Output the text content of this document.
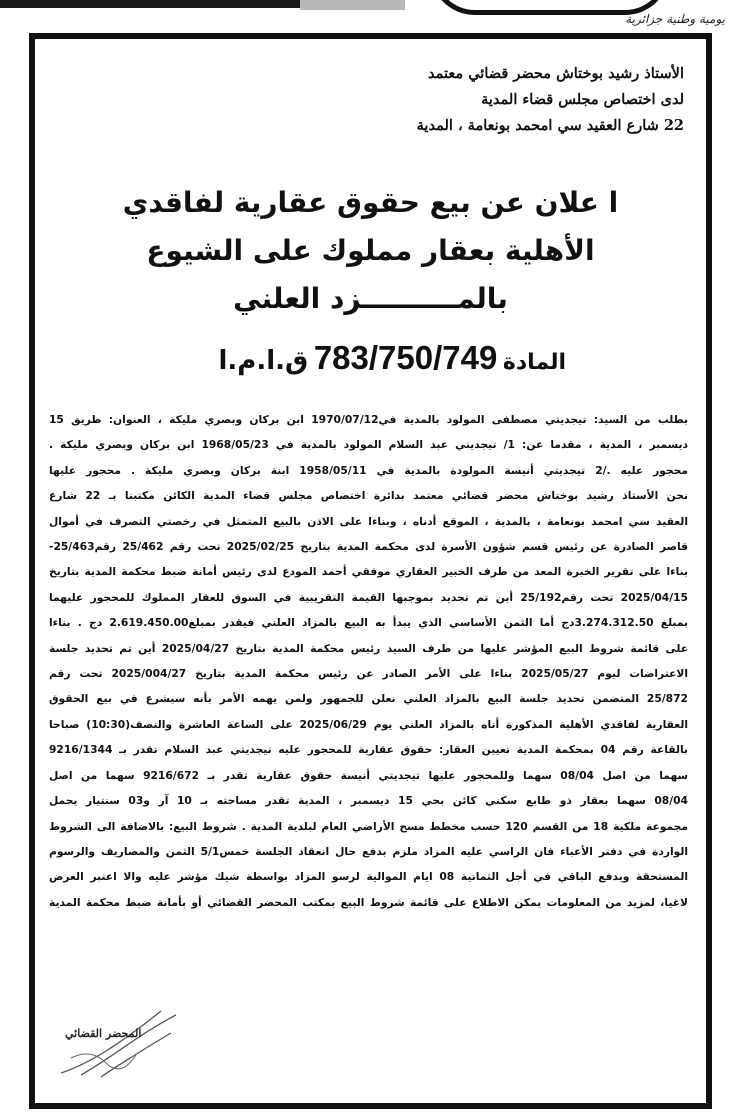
يومية وطنية جزائرية
الأستاذ رشيد بوختاش محضر قضائي معتمد
لدى اختصاص مجلس قضاء المدية
22 شارع العقيد سي امحمد بونعامة ، المدية
ا علان عن بيع حقوق عقارية لفاقدي
الأهلية بعقار مملوك على الشيوع
بالمــــــــــزد العلني
المادة 783/750/749 ق.ا.م.ا
بطلب من السيد: تيجديتي مصطفى المولود بالمدية في1970/07/12 ابن بركان وبصري مليكة ، العنوان: طريق 15
ديسمبر ، المدية ، مقدما عن: 1/ تيجديتي عبد السلام المولود بالمدية في 1968/05/23 ابن بركان وبصري مليكة .
محجور عليه ./2 تيجديتي أنيسة المولودة بالمدية في 1958/05/11 ابنة بركان وبصري مليكة . محجور عليها
نحن الأستاذ رشيد بوختاش محضر قضائي معتمد بدائرة اختصاص مجلس قضاء المدية الكائن مكتبنا بـ 22 شارع
العقيد سي امحمد بونعامة ، بالمدية ، الموقع أدناه ، وبناءا على الاذن بالبيع المتمثل في رخصتي التصرف في أموال
قاصر الصادرة عن رئيس قسم شؤون الأسرة لدى محكمة المدية بتاريخ 2025/02/25 تحت رقم 25/462 رقم25/463-
بناءا على تقرير الخبرة المعد من طرف الخبير العقاري موفقي أحمد المودع لدى رئيس أمانة ضبط محكمة المدية بتاريخ
2025/04/15 تحت رقم25/192 أين تم تحديد بموجبها القيمة التقريبية في السوق للعقار المملوك للمحجور عليهما
بمبلغ 3.274.312.50دج أما الثمن الأساسي الذي يبدأ به البيع بالمزاد العلني فيقدر بمبلغ2.619.450.00 دج . بناءا
على قائمة شروط البيع المؤشر عليها من طرف السيد رئيس محكمة المدية بتاريخ 2025/04/27 أين تم تحديد جلسة
الاعتراضات ليوم 2025/05/27 بناءا على الأمر الصادر عن رئيس محكمة المدية بتاريخ 2025/004/27 تحت رقم
25/872 المتضمن تحديد جلسة البيع بالمزاد العلني نعلن للجمهور ولمن يهمه الأمر بأنه سيشرع في بيع الحقوق
العقارية لفاقدي الأهلية المذكورة أناه بالمزاد العلني يوم 2025/06/29 على الساعة العاشرة والنصف(10:30) صباحا
بالقاعة رقم 04 بمحكمة المدية تعيين العقار: حقوق عقارية للمحجور عليه تيجديتي عبد السلام تقدر بـ 9216/1344
سهما من اصل 08/04 سهما وللمحجور عليها تيجديتي أنيسة حقوق عقارية تقدر بـ 9216/672 سهما من اصل
08/04 سهما بعقار ذو طابع سكني كائن بحي 15 ديسمبر ، المدية تقدر مساحته بـ 10 آر و03 سنتيار يحمل
مجموعة ملكية 18 من القسم 120 حسب مخطط مسح الأراضي العام لبلدية المدية . شروط البيع: بالاضافة الى الشروط
الواردة في دفتر الأعباء فان الراسي عليه المزاد ملزم بدفع حال انعقاد الجلسة خمس5/1 الثمن والمصاريف والرسوم
المستحقة ويدفع الباقي في أجل الثمانية 08 ايام الموالية لرسو المزاد بواسطة شيك مؤشر عليه والا اعتبر العرض
لاغيا، لمزيد من المعلومات يمكن الاطلاع على قائمة شروط البيع بمكتب المحضر القضائي أو بأمانة ضبط محكمة المدية
المحضر القضائي
